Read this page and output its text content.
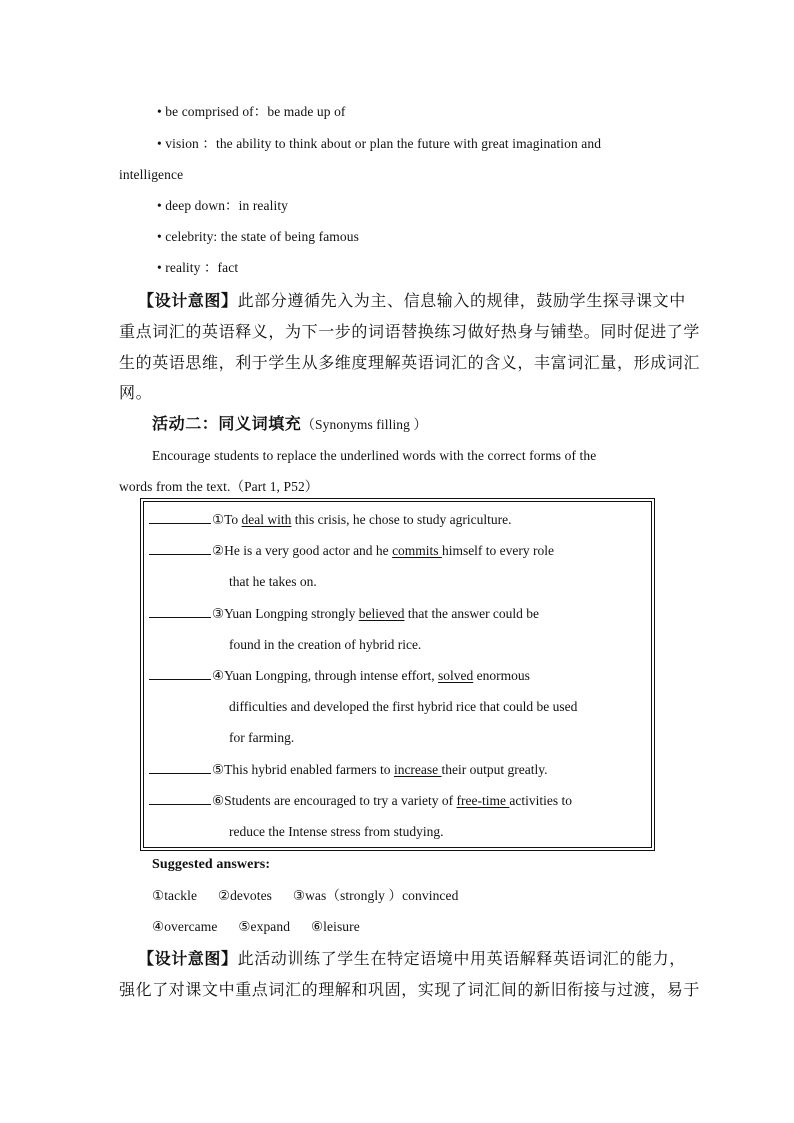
• be comprised of：be made up of
• vision ：the ability to think about or plan the future with great imagination and
intelligence
• deep down：in reality
• celebrity: the state of being famous
• reality ：fact
【设计意图】此部分遵循先入为主、信息输入的规律，鼓励学生探寻课文中
重点词汇的英语释义，为下一步的词语替换练习做好热身与铺垫。同时促进了学
生的英语思维，利于学生从多维度理解英语词汇的含义，丰富词汇量，形成词汇
网。
活动二：同义词填充（Synonyms filling ）
Encourage students to replace the underlined words with the correct forms of the
words from the text.（Part 1, P52）
①To deal with this crisis, he chose to study agriculture.
②He is a very good actor and he commits himself to every role
that he takes on.
③Yuan Longping strongly believed that the answer could be
found in the creation of hybrid rice.
④Yuan Longping, through intense effort, solved enormous
difficulties and developed the first hybrid rice that could be used
for farming.
⑤This hybrid enabled farmers to increase their output greatly.
⑥Students are encouraged to try a variety of free-time activities to
reduce the Intense stress from studying.
Suggested answers:
①tackle      ②devotes      ③was（strongly ）convinced
④overcame      ⑤expand      ⑥leisure
【设计意图】此活动训练了学生在特定语境中用英语解释英语词汇的能力，
强化了对课文中重点词汇的理解和巩固，实现了词汇间的新旧衔接与过渡，易于
